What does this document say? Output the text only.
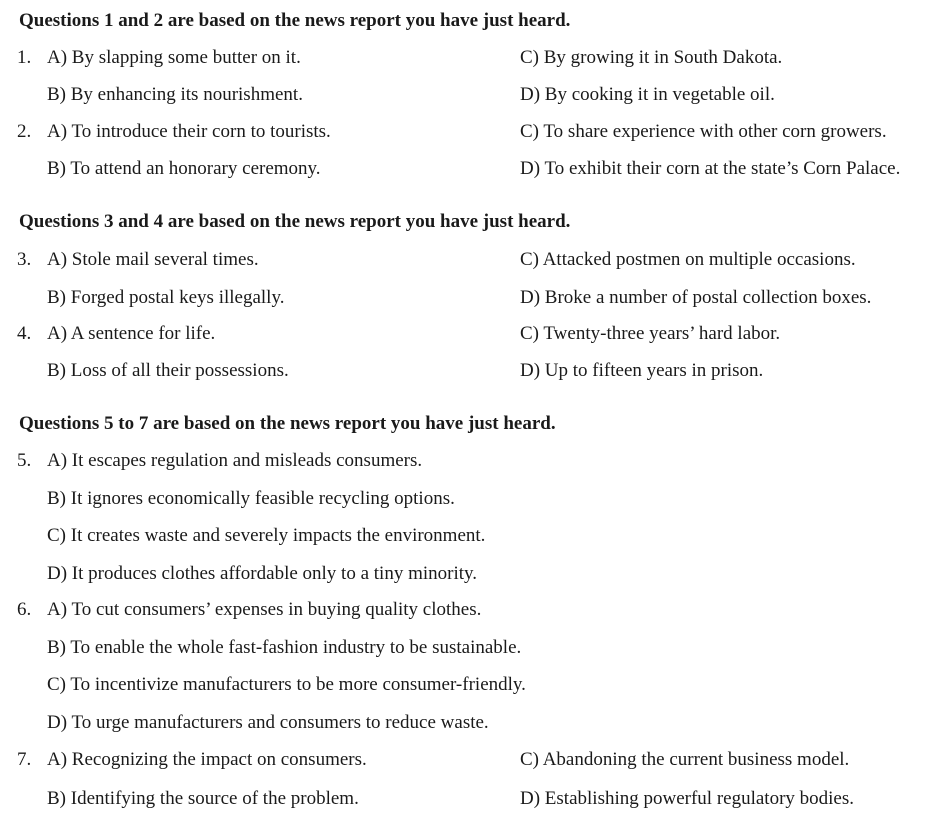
Questions 1 and 2 are based on the news report you have just heard.
1. A) By slapping some butter on it.	C) By growing it in South Dakota.
B) By enhancing its nourishment.	D) By cooking it in vegetable oil.
2. A) To introduce their corn to tourists.	C) To share experience with other corn growers.
B) To attend an honorary ceremony.	D) To exhibit their corn at the state’s Corn Palace.
Questions 3 and 4 are based on the news report you have just heard.
3. A) Stole mail several times.	C) Attacked postmen on multiple occasions.
B) Forged postal keys illegally.	D) Broke a number of postal collection boxes.
4. A) A sentence for life.	C) Twenty-three years’ hard labor.
B) Loss of all their possessions.	D) Up to fifteen years in prison.
Questions 5 to 7 are based on the news report you have just heard.
5. A) It escapes regulation and misleads consumers.
B) It ignores economically feasible recycling options.
C) It creates waste and severely impacts the environment.
D) It produces clothes affordable only to a tiny minority.
6. A) To cut consumers’ expenses in buying quality clothes.
B) To enable the whole fast-fashion industry to be sustainable.
C) To incentivize manufacturers to be more consumer-friendly.
D) To urge manufacturers and consumers to reduce waste.
7. A) Recognizing the impact on consumers.	C) Abandoning the current business model.
B) Identifying the source of the problem.	D) Establishing powerful regulatory bodies.
